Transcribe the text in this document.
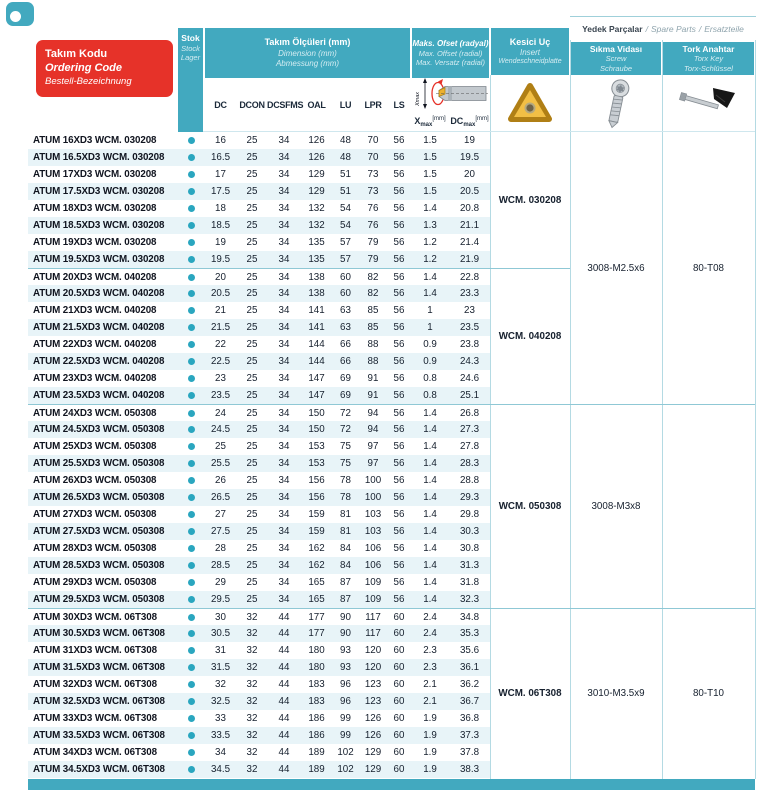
Takım Kodu
Ordering Code
Bestell-Bezeichnung
Yedek Parçalar / Spare Parts / Ersatzteile
Stok
Stock
Lager
Takım Ölçüleri (mm)
Dimension (mm)
Abmessung (mm)
Maks. Ofset (radyal)
Max. Offset (radial)
Max. Versatz (radial)
Kesici Uç
Insert
Wendeschneidplatte
Sıkma Vidası
Screw
Schraube
Tork Anahtar
Torx Key
Torx-Schlüssel
DC	DCON DCSFMS OAL	LU	LPR	LS	Xmax
$X_{max}[mm]$ $DC_{max}[mm]$
ATUM 16XD3 WCM. 030208	16	25	34	126	48	70	56	1.5	19
ATUM 16.5XD3 WCM. 030208	16.5	25	34	126	48	70	56	1.5	19.5
ATUM 17XD3 WCM. 030208	17	25	34	129	51	73	56	1.5	20
ATUM 17.5XD3 WCM. 030208	17.5	25	34	129	51	73	56	1.5	20.5
ATUM 18XD3 WCM. 030208	18	25	34	132	54	76	56	1.4	20.8
ATUM 18.5XD3 WCM. 030208	18.5	25	34	132	54	76	56	1.3	21.1
ATUM 19XD3 WCM. 030208	19	25	34	135	57	79	56	1.2	21.4
ATUM 19.5XD3 WCM. 030208	19.5	25	34	135	57	79	56	1.2	21.9
ATUM 20XD3 WCM. 040208	20	25	34	138	60	82	56	1.4	22.8
ATUM 20.5XD3 WCM. 040208	20.5	25	34	138	60	82	56	1.4	23.3
ATUM 21XD3 WCM. 040208	21	25	34	141	63	85	56	1	23
ATUM 21.5XD3 WCM. 040208	21.5	25	34	141	63	85	56	1	23.5
ATUM 22XD3 WCM. 040208	22	25	34	144	66	88	56	0.9	23.8
ATUM 22.5XD3 WCM. 040208	22.5	25	34	144	66	88	56	0.9	24.3
ATUM 23XD3 WCM. 040208	23	25	34	147	69	91	56	0.8	24.6
ATUM 23.5XD3 WCM. 040208	23.5	25	34	147	69	91	56	0.8	25.1
ATUM 24XD3 WCM. 050308	24	25	34	150	72	94	56	1.4	26.8
ATUM 24.5XD3 WCM. 050308	24.5	25	34	150	72	94	56	1.4	27.3
ATUM 25XD3 WCM. 050308	25	25	34	153	75	97	56	1.4	27.8
ATUM 25.5XD3 WCM. 050308	25.5	25	34	153	75	97	56	1.4	28.3
ATUM 26XD3 WCM. 050308	26	25	34	156	78	100	56	1.4	28.8
ATUM 26.5XD3 WCM. 050308	26.5	25	34	156	78	100	56	1.4	29.3
ATUM 27XD3 WCM. 050308	27	25	34	159	81	103	56	1.4	29.8
ATUM 27.5XD3 WCM. 050308	27.5	25	34	159	81	103	56	1.4	30.3
ATUM 28XD3 WCM. 050308	28	25	34	162	84	106	56	1.4	30.8
ATUM 28.5XD3 WCM. 050308	28.5	25	34	162	84	106	56	1.4	31.3
ATUM 29XD3 WCM. 050308	29	25	34	165	87	109	56	1.4	31.8
ATUM 29.5XD3 WCM. 050308	29.5	25	34	165	87	109	56	1.4	32.3
ATUM 30XD3 WCM. 06T308	30	32	44	177	90	117	60	2.4	34.8
ATUM 30.5XD3 WCM. 06T308	30.5	32	44	177	90	117	60	2.4	35.3
ATUM 31XD3 WCM. 06T308	31	32	44	180	93	120	60	2.3	35.6
ATUM 31.5XD3 WCM. 06T308	31.5	32	44	180	93	120	60	2.3	36.1
ATUM 32XD3 WCM. 06T308	32	32	44	183	96	123	60	2.1	36.2
ATUM 32.5XD3 WCM. 06T308	32.5	32	44	183	96	123	60	2.1	36.7
ATUM 33XD3 WCM. 06T308	33	32	44	186	99	126	60	1.9	36.8
ATUM 33.5XD3 WCM. 06T308	33.5	32	44	186	99	126	60	1.9	37.3
ATUM 34XD3 WCM. 06T308	34	32	44	189	102	129	60	1.9	37.8
ATUM 34.5XD3 WCM. 06T308	34.5	32	44	189	102	129	60	1.9	38.3
WCM. 030208
WCM. 040208
WCM. 050308
WCM. 06T308
3008-M2.5x6
3008-M3x8
3010-M3.5x9
80-T08
80-T10
